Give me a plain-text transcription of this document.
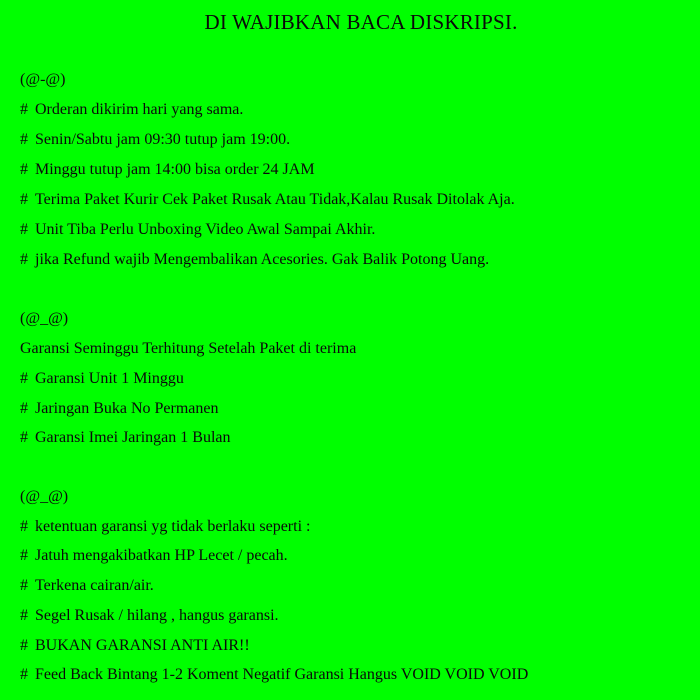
DI WAJIBKAN BACA DISKRIPSI.
(@-@)
# Orderan dikirim hari yang sama.
# Senin/Sabtu jam 09:30 tutup jam 19:00.
# Minggu tutup jam 14:00 bisa order 24 JAM
# Terima Paket Kurir Cek Paket Rusak Atau Tidak,Kalau Rusak Ditolak Aja.
# Unit Tiba Perlu Unboxing Video Awal Sampai Akhir.
# jika Refund wajib Mengembalikan Acesories. Gak Balik Potong Uang.
(@_@)
Garansi Seminggu Terhitung Setelah Paket di terima
# Garansi Unit 1 Minggu
# Jaringan Buka No Permanen
# Garansi Imei Jaringan 1 Bulan
(@_@)
# ketentuan garansi yg tidak berlaku seperti :
# Jatuh mengakibatkan HP Lecet / pecah.
# Terkena cairan/air.
# Segel Rusak / hilang , hangus garansi.
# BUKAN GARANSI ANTI AIR!!
# Feed Back Bintang 1-2 Koment Negatif Garansi Hangus VOID VOID VOID
